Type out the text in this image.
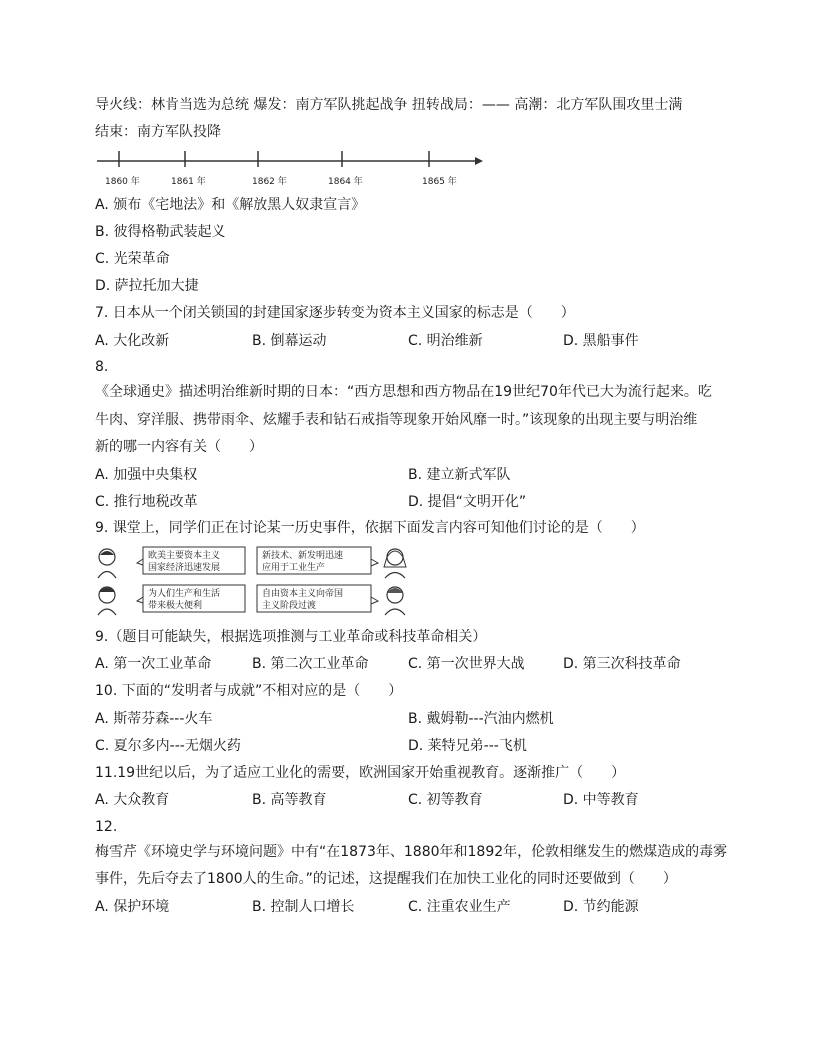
导火线：林肯当选为总统 爆发：南方军队挑起战争 扭转战局：—— 高潮：北方军队围攻里士满
结束：南方军队投降
1860 年	1861 年	1862 年	1864 年	1865 年
A. 颁布《宅地法》和《解放黑人奴隶宣言》
B. 彼得格勒武装起义
C. 光荣革命
D. 萨拉托加大捷
7. 日本从一个闭关锁国的封建国家逐步转变为资本主义国家的标志是（　　）
A. 大化改新	B. 倒幕运动	C. 明治维新	D. 黑船事件
8.
《全球通史》描述明治维新时期的日本：“西方思想和西方物品在19世纪70年代已大为流行起来。吃
牛肉、穿洋服、携带雨伞、炫耀手表和钻石戒指等现象开始风靡一时。”该现象的出现主要与明治维
新的哪一内容有关（　　）
A. 加强中央集权	B. 建立新式军队
C. 推行地税改革	D. 提倡“文明开化”
9. 课堂上，同学们正在讨论某一历史事件，依据下面发言内容可知他们讨论的是（　　）
欧美主要资本主义
国家经济迅速发展
新技术、新发明迅速
应用于工业生产
为人们生产和生活
带来极大便利
自由资本主义向帝国
主义阶段过渡
9.（题目可能缺失，根据选项推测与工业革命或科技革命相关）
A. 第一次工业革命	B. 第二次工业革命	C. 第一次世界大战	D. 第三次科技革命
10. 下面的“发明者与成就”不相对应的是（　　）
A. 斯蒂芬森---火车	B. 戴姆勒---汽油内燃机
C. 夏尔多内---无烟火药	D. 莱特兄弟---飞机
11.19世纪以后，为了适应工业化的需要，欧洲国家开始重视教育。逐渐推广（　　）
A. 大众教育	B. 高等教育	C. 初等教育	D. 中等教育
12.
梅雪芹《环境史学与环境问题》中有“在1873年、1880年和1892年，伦敦相继发生的燃煤造成的毒雾
事件，先后夺去了1800人的生命。”的记述，这提醒我们在加快工业化的同时还要做到（　　）
A. 保护环境	B. 控制人口增长	C. 注重农业生产	D. 节约能源
